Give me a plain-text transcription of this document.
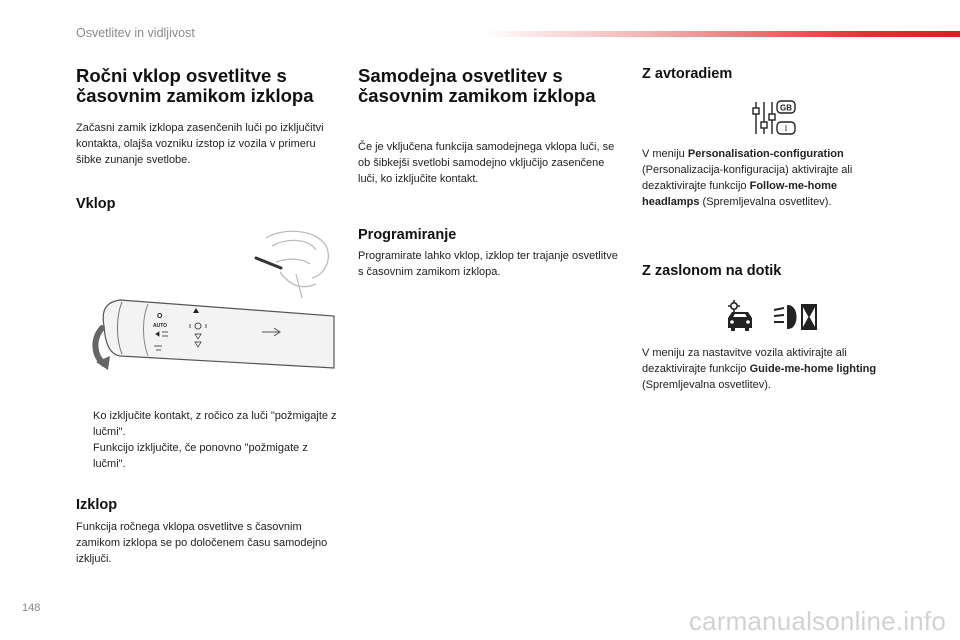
Osvetlitev in vidljivost
Ročni vklop osvetlitve s časovnim zamikom izklopa

Začasni zamik izklopa zasenčenih luči po izključitvi kontakta, olajša vozniku izstop iz vozila v primeru šibke zunanje svetlobe.

Vklop
O
AUTO
Ko izključite kontakt, z ročico za luči "požmigajte z lučmi".
Funkcijo izključite, če ponovno "požmigate z lučmi".
Izklop

Funkcija ročnega vklopa osvetlitve s časovnim zamikom izklopa se po določenem času samodejno izključi.

Samodejna osvetlitev s časovnim zamikom izklopa

Če je vključena funkcija samodejnega vklopa luči, se ob šibkejši svetlobi samodejno vključijo zasenčene luči, ko izključite kontakt.

Programiranje

Programirate lahko vklop, izklop ter trajanje osvetlitve s časovnim zamikom izklopa.

Z avtoradiem
GB
I

V meniju Personalisation-configuration (Personalizacija-konfiguracija) aktivirajte ali dezaktivirajte funkcijo Follow-me-home headlamps (Spremljevalna osvetlitev).

Z zaslonom na dotik

V meniju za nastavitve vozila aktivirajte ali dezaktivirajte funkcijo Guide-me-home lighting (Spremljevalna osvetlitev).

148	carmanualsonline.info
